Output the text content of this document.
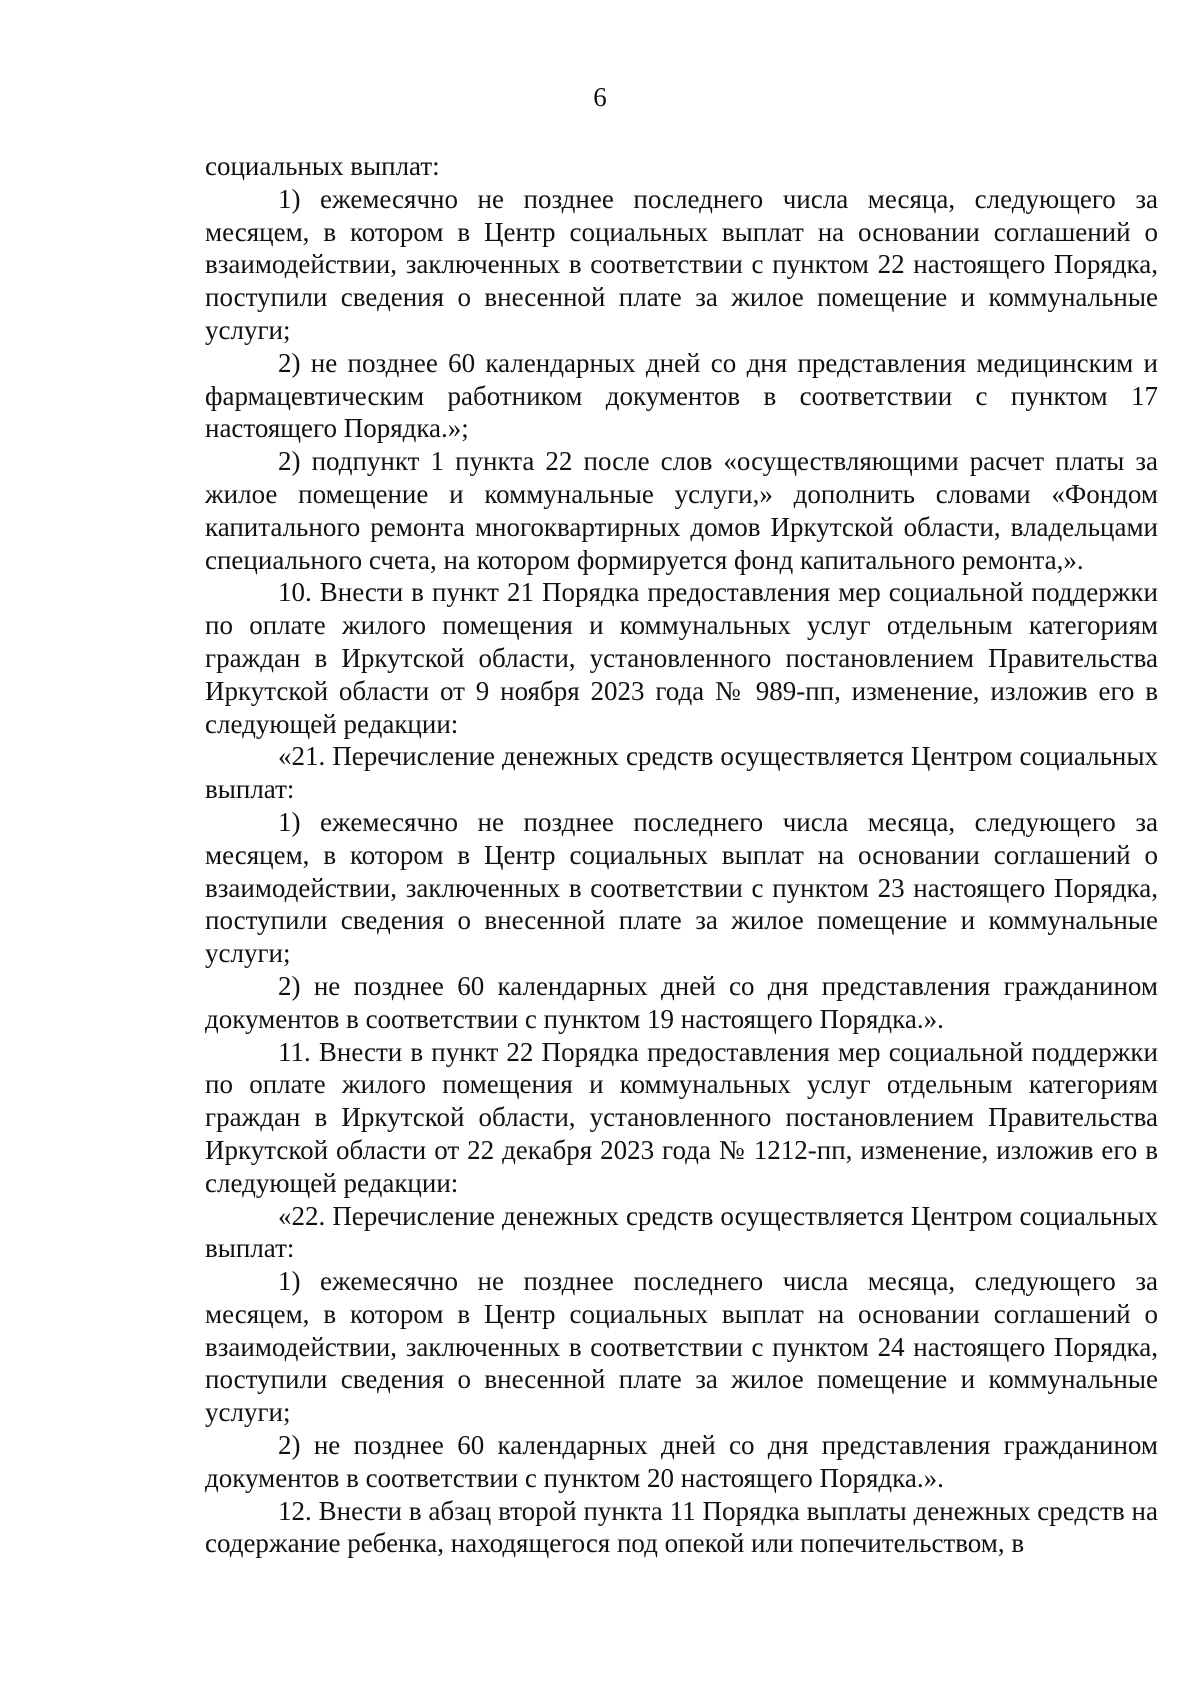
6

социальных выплат:

1) ежемесячно не позднее последнего числа месяца, следующего за месяцем, в котором в Центр социальных выплат на основании соглашений о взаимодействии, заключенных в соответствии с пунктом 22 настоящего Порядка, поступили сведения о внесенной плате за жилое помещение и коммунальные услуги;

2) не позднее 60 календарных дней со дня представления медицинским и фармацевтическим работником документов в соответствии с пунктом 17 настоящего Порядка.»;

2) подпункт 1 пункта 22 после слов «осуществляющими расчет платы за жилое помещение и коммунальные услуги,» дополнить словами «Фондом капитального ремонта многоквартирных домов Иркутской области, владельцами специального счета, на котором формируется фонд капитального ремонта,».

10. Внести в пункт 21 Порядка предоставления мер социальной поддержки по оплате жилого помещения и коммунальных услуг отдельным категориям граждан в Иркутской области, установленного постановлением Правительства Иркутской области от 9 ноября 2023 года № 989-пп, изменение, изложив его в следующей редакции:

«21. Перечисление денежных средств осуществляется Центром социальных выплат:

1) ежемесячно не позднее последнего числа месяца, следующего за месяцем, в котором в Центр социальных выплат на основании соглашений о взаимодействии, заключенных в соответствии с пунктом 23 настоящего Порядка, поступили сведения о внесенной плате за жилое помещение и коммунальные услуги;

2) не позднее 60 календарных дней со дня представления гражданином документов в соответствии с пунктом 19 настоящего Порядка.».

11. Внести в пункт 22 Порядка предоставления мер социальной поддержки по оплате жилого помещения и коммунальных услуг отдельным категориям граждан в Иркутской области, установленного постановлением Правительства Иркутской области от 22 декабря 2023 года № 1212-пп, изменение, изложив его в следующей редакции:

«22. Перечисление денежных средств осуществляется Центром социальных выплат:

1) ежемесячно не позднее последнего числа месяца, следующего за месяцем, в котором в Центр социальных выплат на основании соглашений о взаимодействии, заключенных в соответствии с пунктом 24 настоящего Порядка, поступили сведения о внесенной плате за жилое помещение и коммунальные услуги;

2) не позднее 60 календарных дней со дня представления гражданином документов в соответствии с пунктом 20 настоящего Порядка.».

12. Внести в абзац второй пункта 11 Порядка выплаты денежных средств на содержание ребенка, находящегося под опекой или попечительством, в
